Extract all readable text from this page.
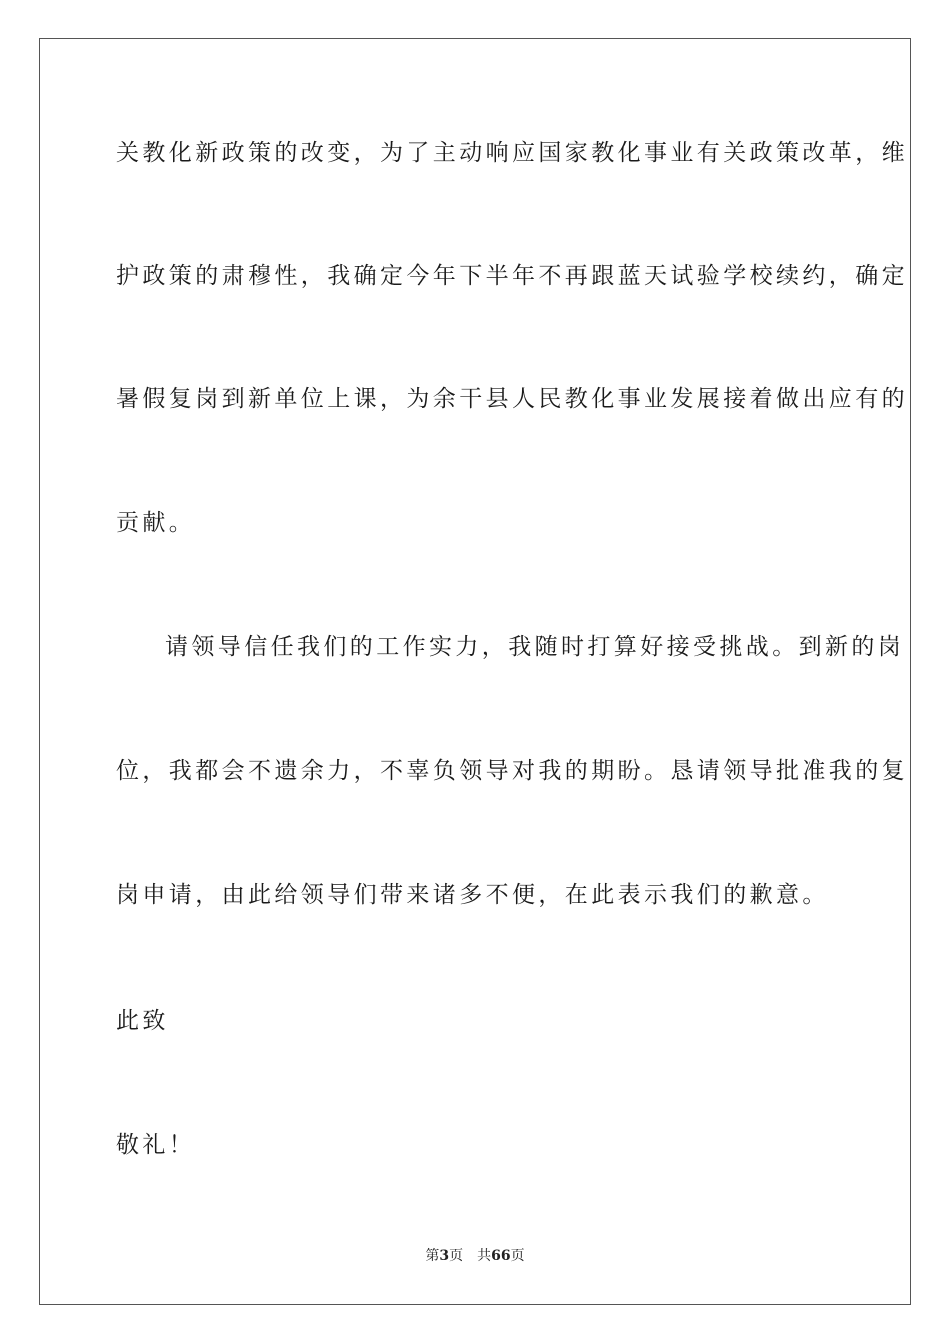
关教化新政策的改变，为了主动响应国家教化事业有关政策改革，维
护政策的肃穆性，我确定今年下半年不再跟蓝天试验学校续约，确定
暑假复岗到新单位上课，为余干县人民教化事业发展接着做出应有的
贡献。
请领导信任我们的工作实力，我随时打算好接受挑战。到新的岗
位，我都会不遗余力，不辜负领导对我的期盼。恳请领导批准我的复
岗申请，由此给领导们带来诸多不便，在此表示我们的歉意。
此致
敬礼！
第3页 共66页
